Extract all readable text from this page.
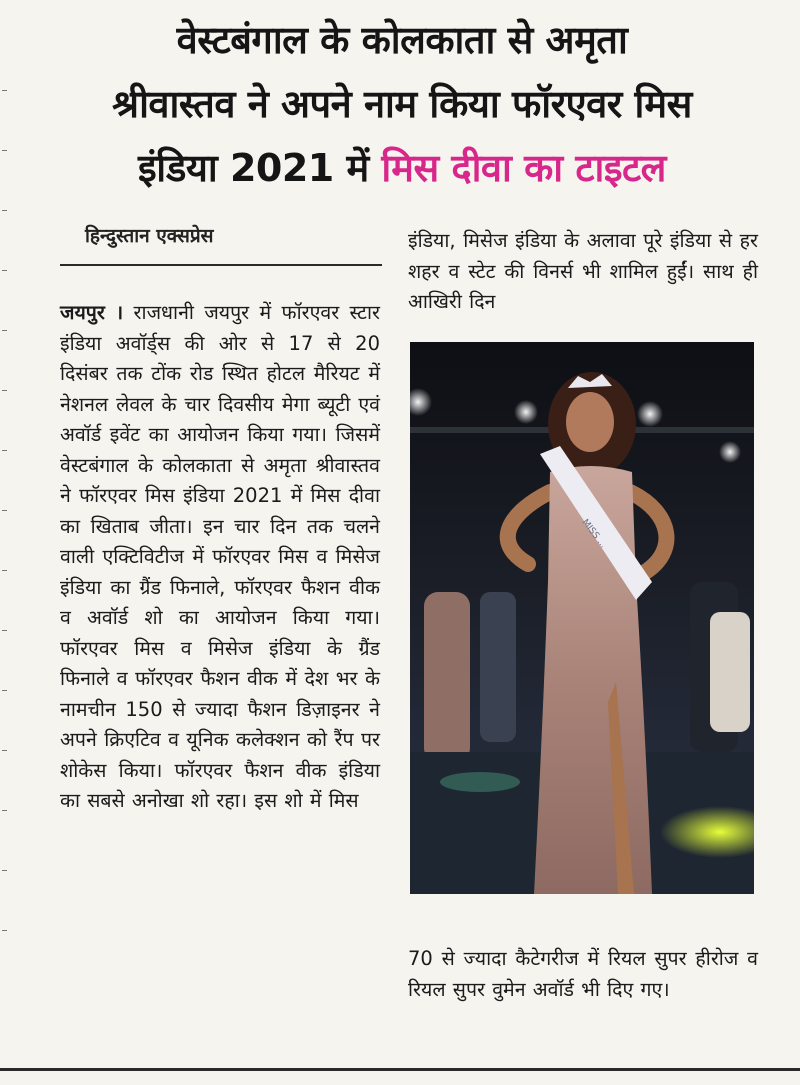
वेस्टबंगाल के कोलकाता से अमृता
श्रीवास्तव ने अपने नाम किया फॉरएवर मिस
इंडिया 2021 में मिस दीवा का टाइटल
हिन्दुस्तान एक्सप्रेस
जयपुर । राजधानी जयपुर में फॉरएवर स्टार इंडिया अवॉर्ड्स की ओर से 17 से 20 दिसंबर तक टोंक रोड स्थित होटल मैरियट में नेशनल लेवल के चार दिवसीय मेगा ब्यूटी एवं अवॉर्ड इवेंट का आयोजन किया गया। जिसमें वेस्टबंगाल के कोलकाता से अमृता श्रीवास्तव ने फॉरएवर मिस इंडिया 2021 में मिस दीवा का खिताब जीता। इन चार दिन तक चलने वाली एक्टिविटीज में फॉरएवर मिस व मिसेज इंडिया का ग्रैंड फिनाले, फॉरएवर फैशन वीक व अवॉर्ड शो का आयोजन किया गया। फॉरएवर मिस व मिसेज इंडिया के ग्रैंड फिनाले व फॉरएवर फैशन वीक में देश भर के नामचीन 150 से ज्यादा फैशन डिज़ाइनर ने अपने क्रिएटिव व यूनिक कलेक्शन को रैंप पर शोकेस किया। फॉरएवर फैशन वीक इंडिया का सबसे अनोखा शो रहा। इस शो में मिस
इंडिया, मिसेज इंडिया के अलावा पूरे इंडिया से हर शहर व स्टेट की विनर्स भी शामिल हुईं। साथ ही आखिरी दिन
MISS ...
70 से ज्यादा कैटेगरीज में रियल सुपर हीरोज व रियल सुपर वुमेन अवॉर्ड भी दिए गए।
